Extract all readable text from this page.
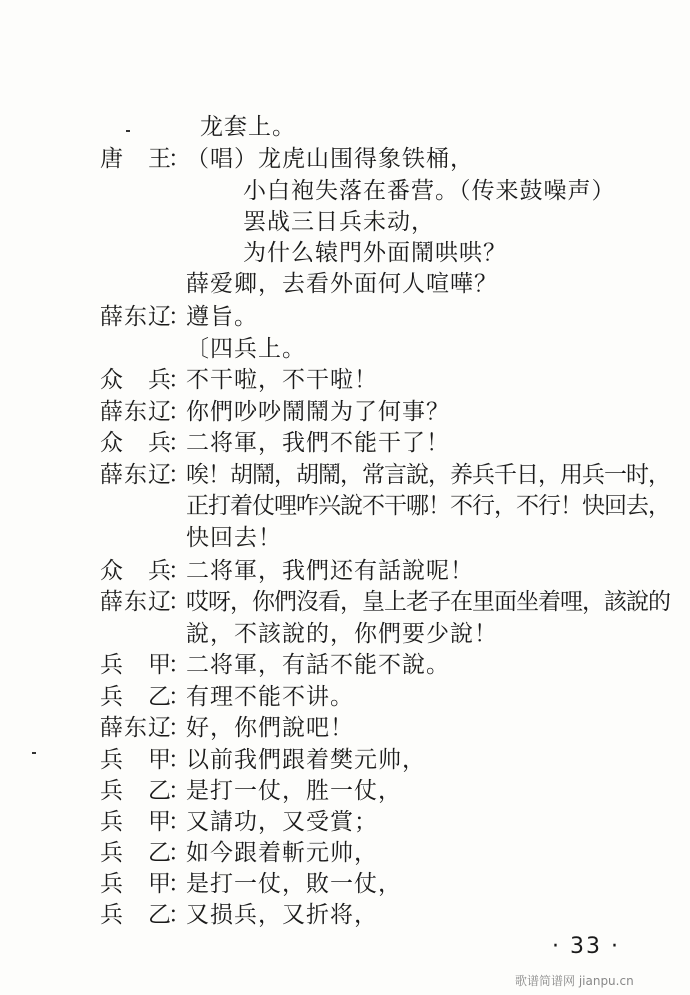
龙套上。
唐　王
：
（唱）龙虎山围得象铁桶，
小白袍失落在番营。（传来鼓噪声）
罢战三日兵未动，
为什么辕門外面鬧哄哄？
薛爱卿，去看外面何人喧嘩？
薛东辽
：
遵旨。
〔四兵上。
众　兵
：
不干啦，不干啦！
薛东辽
：
你們吵吵鬧鬧为了何事？
众　兵
：
二将軍，我們不能干了！
薛东辽
：
唉！胡鬧，胡鬧，常言說，养兵千日，用兵一时，
正打着仗哩咋兴說不干哪！不行，不行！快回去，
快回去！
众　兵
：
二将軍，我們还有話說呢！
薛东辽
：
哎呀，你們沒看，皇上老子在里面坐着哩，該說的
說，不該說的，你們要少說！
兵　甲
：
二将軍，有話不能不說。
兵　乙
：
有理不能不讲。
薛东辽
：
好，你們說吧！
兵　甲
：
以前我們跟着樊元帅，
兵　乙
：
是打一仗，胜一仗，
兵　甲
：
又請功，又受賞；
兵　乙
：
如今跟着斬元帅，
兵　甲
：
是打一仗，敗一仗，
兵　乙
：
又损兵，又折将，
· 33 ·
歌谱简谱网 jianpu.cn
